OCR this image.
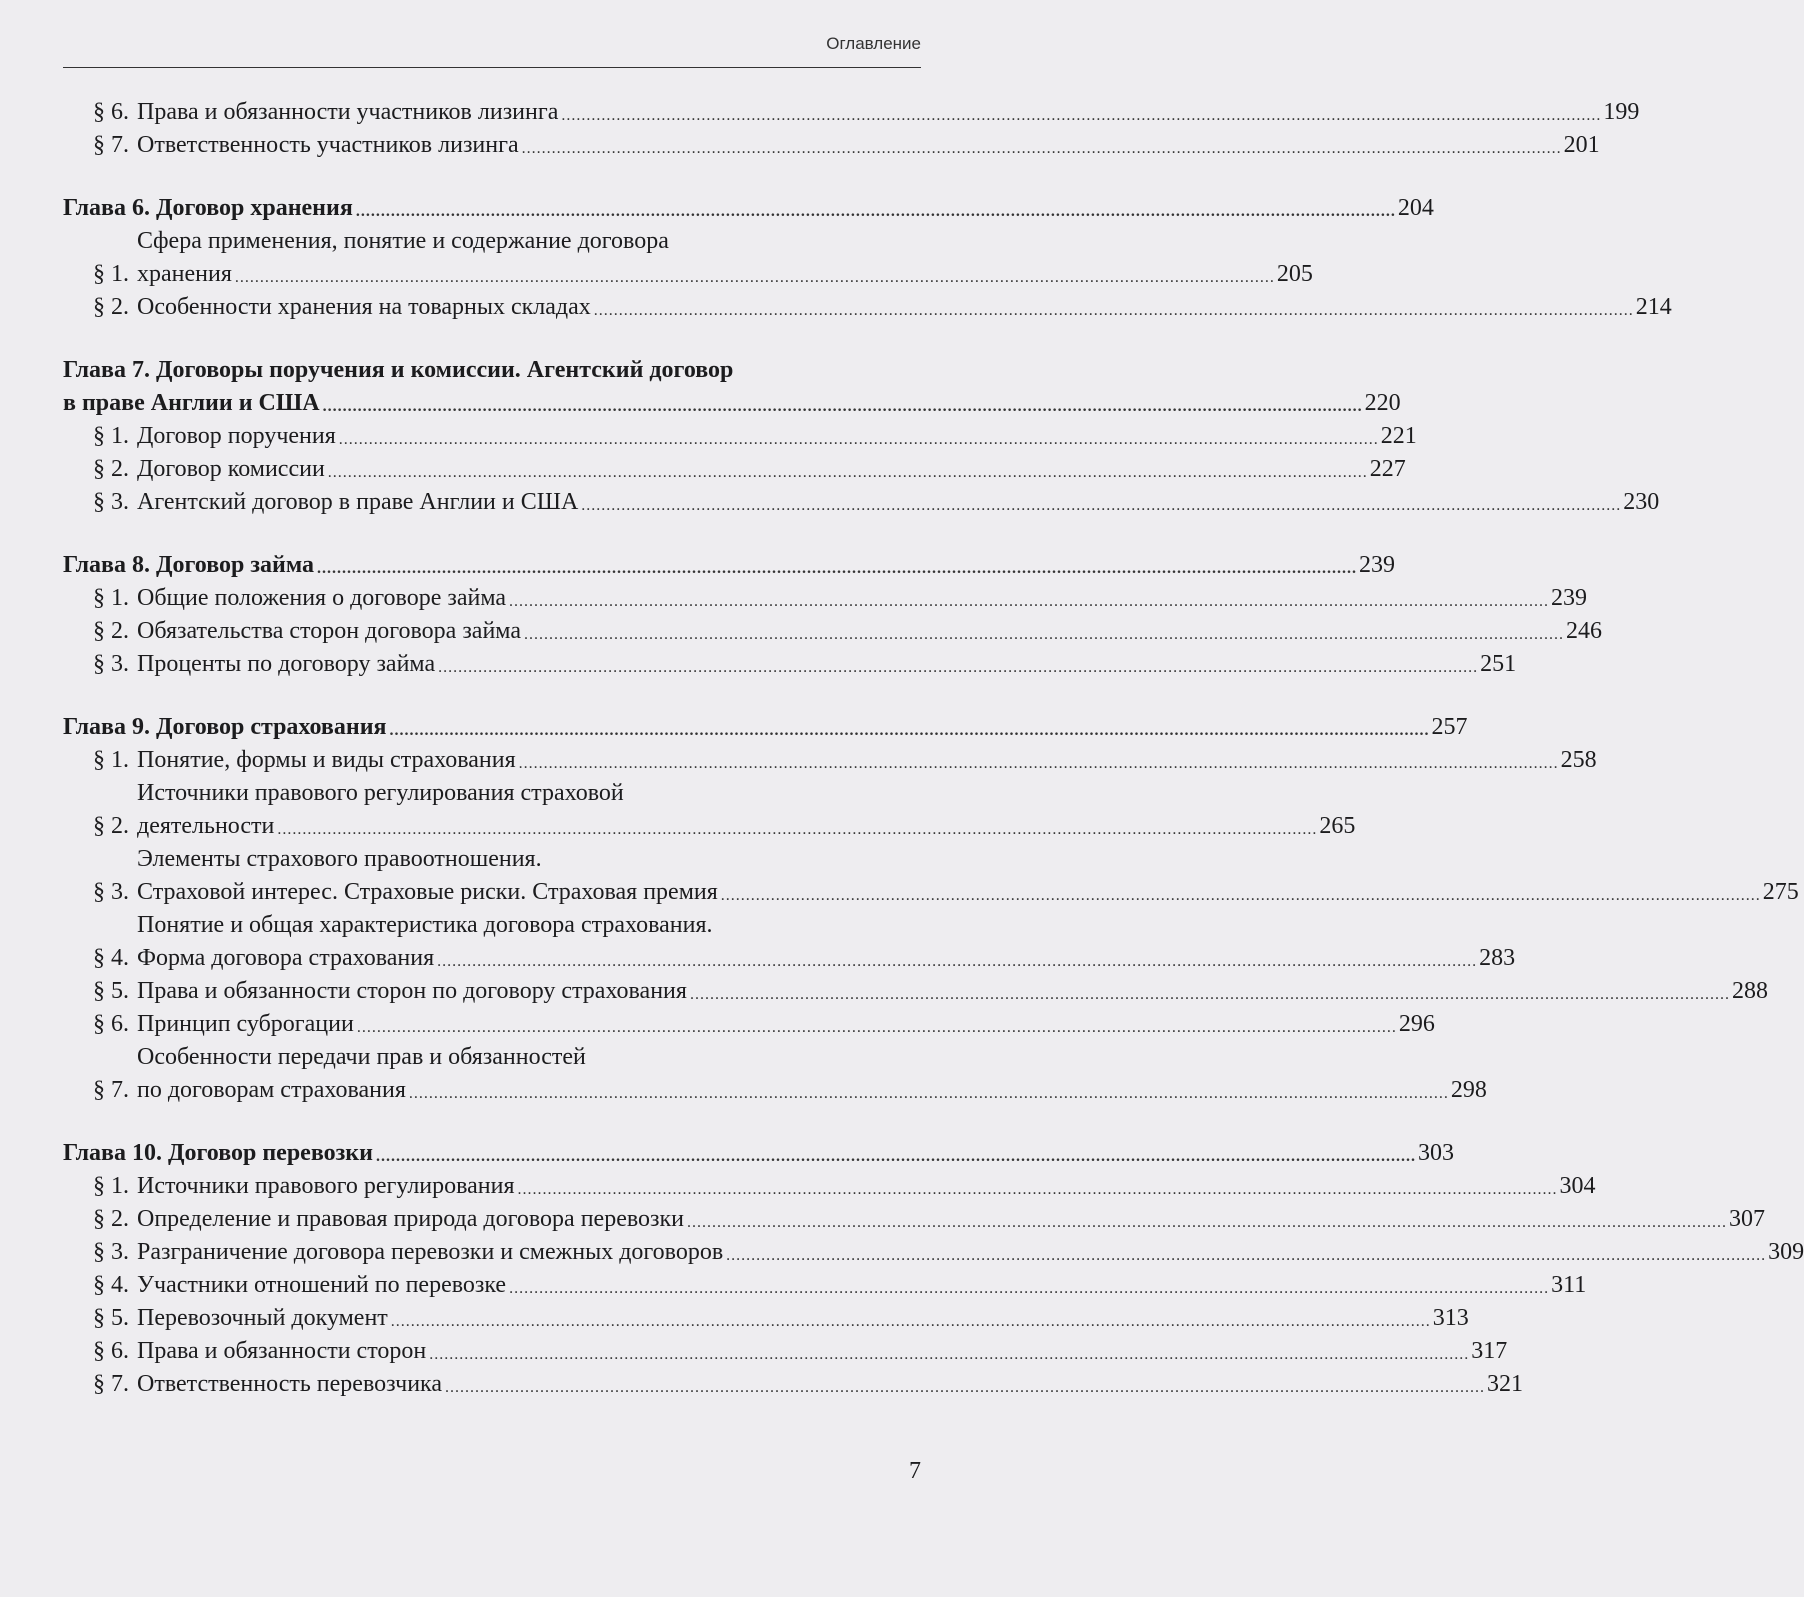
Оглавление
§ 6. Права и обязанности участников лизинга .....	199
§ 7. Ответственность участников лизинга .....	201
Глава 6. Договор хранения .....	204
§ 1.
Сфера применения, понятие и содержание договора
хранения .....	205
§ 2. Особенности хранения на товарных складах .....	214
Глава 7. Договоры поручения и комиссии. Агентский договор
в праве Англии и США .....	220
§ 1. Договор поручения .....	221
§ 2. Договор комиссии .....	227
§ 3. Агентский договор в праве Англии и США .....	230
Глава 8. Договор займа .....	239
§ 1. Общие положения о договоре займа .....	239
§ 2. Обязательства сторон договора займа .....	246
§ 3. Проценты по договору займа .....	251
Глава 9. Договор страхования .....	257
§ 1. Понятие, формы и виды страхования .....	258
§ 2.
Источники правового регулирования страховой
деятельности .....	265
§ 3.
Элементы страхового правоотношения.
Страховой интерес. Страховые риски. Страховая премия .....	275
§ 4.
Понятие и общая характеристика договора страхования.
Форма договора страхования .....	283
§ 5. Права и обязанности сторон по договору страхования .....	288
§ 6. Принцип суброгации .....	296
§ 7.
Особенности передачи прав и обязанностей
по договорам страхования .....	298
Глава 10. Договор перевозки .....	303
§ 1. Источники правового регулирования .....	304
§ 2. Определение и правовая природа договора перевозки .....	307
§ 3. Разграничение договора перевозки и смежных договоров .....	309
§ 4. Участники отношений по перевозке .....	311
§ 5. Перевозочный документ .....	313
§ 6. Права и обязанности сторон .....	317
§ 7. Ответственность перевозчика .....	321
7
